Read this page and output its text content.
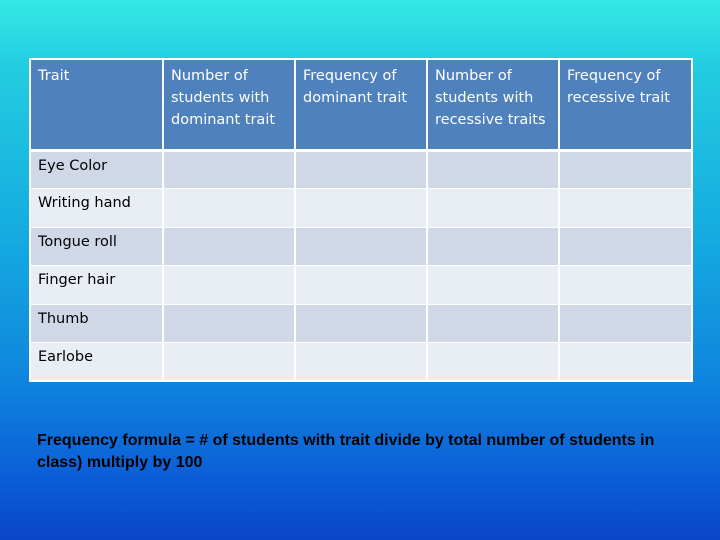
Trait	Number of students with dominant trait	Frequency of dominant trait	Number of students with recessive traits	Frequency of recessive trait
Eye Color				
Writing hand				
Tongue roll				
Finger hair				
Thumb				
Earlobe				

Frequency formula = # of students with trait divide by total number of students in class) multiply by 100
